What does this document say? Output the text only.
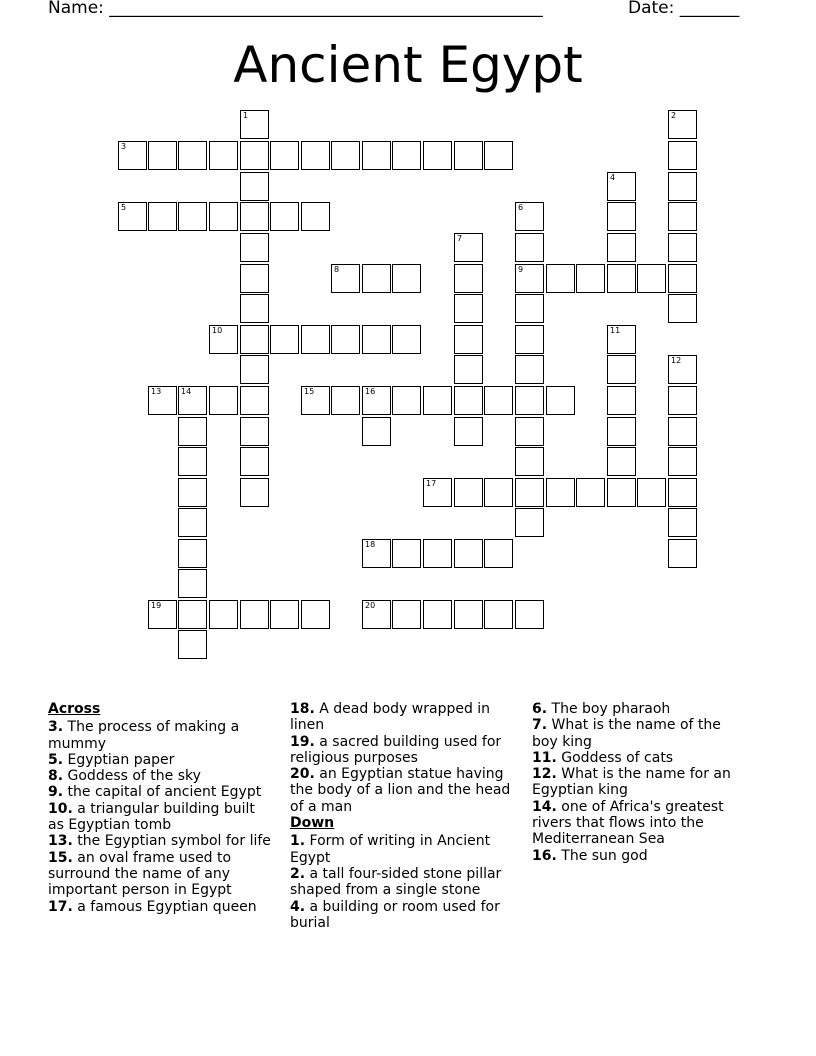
Name: ___________________________________________________	Date: _______
Ancient Egypt
1	2
3
4
5	6
7
8	9
10	11
12
13 14	15	16
17
18
19	20
Across
3. The process of making a mummy
5. Egyptian paper
8. Goddess of the sky
9. the capital of ancient Egypt
10. a triangular building built as Egyptian tomb
13. the Egyptian symbol for life
15. an oval frame used to surround the name of any important person in Egypt
17. a famous Egyptian queen
18. A dead body wrapped in linen
19. a sacred building used for religious purposes
20. an Egyptian statue having the body of a lion and the head of a man
Down
1. Form of writing in Ancient Egypt
2. a tall four-sided stone pillar shaped from a single stone
4. a building or room used for burial
6. The boy pharaoh
7. What is the name of the boy king
11. Goddess of cats
12. What is the name for an Egyptian king
14. one of Africa's greatest rivers that flows into the Mediterranean Sea
16. The sun god
